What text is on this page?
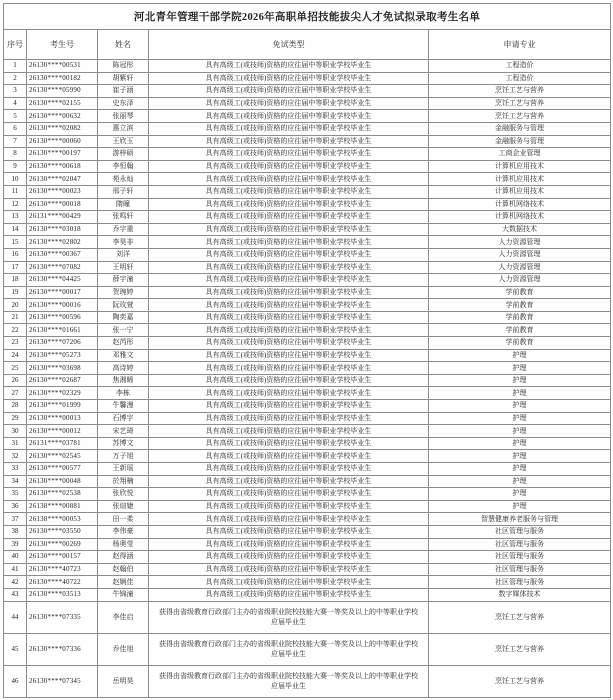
河北青年管理干部学院2026年高职单招技能拔尖人才免试拟录取考生名单				
序号	考生号	姓名	免试类型	申请专业
1	26130****00531	陈冠彤	具有高级工(或技师)资格的应往届中等职业学校毕业生	工程造价
2	26130****00182	胡紫轩	具有高级工(或技师)资格的应往届中等职业学校毕业生	工程造价
3	26130****05990	崔子涵	具有高级工(或技师)资格的应往届中等职业学校毕业生	烹饪工艺与营养
4	26130****02155	史东泽	具有高级工(或技师)资格的应往届中等职业学校毕业生	烹饪工艺与营养
5	26130****00632	张丽琴	具有高级工(或技师)资格的应往届中等职业学校毕业生	烹饪工艺与营养
6	26130****02082	惠立滨	具有高级工(或技师)资格的应往届中等职业学校毕业生	金融服务与管理
7	26130****00060	王欣玉	具有高级工(或技师)资格的应往届中等职业学校毕业生	金融服务与管理
8	26130****00197	游梓硕	具有高级工(或技师)资格的应往届中等职业学校毕业生	工商企业管理
9	26130****00618	李恒翰	具有高级工(或技师)资格的应往届中等职业学校毕业生	计算机应用技术
10	26130****02047	苑永灿	具有高级工(或技师)资格的应往届中等职业学校毕业生	计算机应用技术
11	26130****00023	邢子轩	具有高级工(或技师)资格的应往届中等职业学校毕业生	计算机应用技术
12	26130****00018	隋曈	具有高级工(或技师)资格的应往届中等职业学校毕业生	计算机网络技术
13	26131****00429	张鸣轩	具有高级工(或技师)资格的应往届中等职业学校毕业生	计算机网络技术
14	26130****03018	乔宇重	具有高级工(或技师)资格的应往届中等职业学校毕业生	大数据技术
15	26130****02802	李昊非	具有高级工(或技师)资格的应往届中等职业学校毕业生	人力资源管理
16	26130****00367	刘洋	具有高级工(或技师)资格的应往届中等职业学校毕业生	人力资源管理
17	26130****07082	王明轩	具有高级工(或技师)资格的应往届中等职业学校毕业生	人力资源管理
18	26130****04425	薛宇潼	具有高级工(或技师)资格的应往届中等职业学校毕业生	人力资源管理
19	26130****00017	贺琬婷	具有高级工(或技师)资格的应往届中等职业学校毕业生	学前教育
20	26130****00016	阮玫萱	具有高级工(或技师)资格的应往届中等职业学校毕业生	学前教育
21	26130****00596	陶奕嘉	具有高级工(或技师)资格的应往届中等职业学校毕业生	学前教育
22	26130****01661	张一宁	具有高级工(或技师)资格的应往届中等职业学校毕业生	学前教育
23	26130****07206	赵芮彤	具有高级工(或技师)资格的应往届中等职业学校毕业生	学前教育
24	26130****05273	邓雅文	具有高级工(或技师)资格的应往届中等职业学校毕业生	护理
25	26130****03698	高诗婷	具有高级工(或技师)资格的应往届中等职业学校毕业生	护理
26	26130****02687	焦湘晞	具有高级工(或技师)资格的应往届中等职业学校毕业生	护理
27	26130****02329	李栋	具有高级工(或技师)资格的应往届中等职业学校毕业生	护理
28	26130****01999	牛馨漫	具有高级工(或技师)资格的应往届中等职业学校毕业生	护理
29	26130****00013	石博宇	具有高级工(或技师)资格的应往届中等职业学校毕业生	护理
30	26130****00012	宋艺琦	具有高级工(或技师)资格的应往届中等职业学校毕业生	护理
31	26131****03781	苏博文	具有高级工(或技师)资格的应往届中等职业学校毕业生	护理
32	26130****02545	万子旭	具有高级工(或技师)资格的应往届中等职业学校毕业生	护理
33	26130****00577	王新瑶	具有高级工(或技师)资格的应往届中等职业学校毕业生	护理
34	26130****00048	於翔楠	具有高级工(或技师)资格的应往届中等职业学校毕业生	护理
35	26130****02538	张欣悦	具有高级工(或技师)资格的应往届中等职业学校毕业生	护理
36	26138****00881	张煊婕	具有高级工(或技师)资格的应往届中等职业学校毕业生	护理
37	26138****00053	田一柔	具有高级工(或技师)资格的应往届中等职业学校毕业生	智慧健康养老服务与管理
38	26130****03550	李伟豪	具有高级工(或技师)资格的应往届中等职业学校毕业生	社区管理与服务
39	26130****00269	杨奥莹	具有高级工(或技师)资格的应往届中等职业学校毕业生	社区管理与服务
40	26130****00157	赵得涵	具有高级工(或技师)资格的应往届中等职业学校毕业生	社区管理与服务
41	26130****40723	赵翰伯	具有高级工(或技师)资格的应往届中等职业学校毕业生	社区管理与服务
42	26130****40722	赵娴佳	具有高级工(或技师)资格的应往届中等职业学校毕业生	社区管理与服务
43	26130****03513	牛锦潼	具有高级工(或技师)资格的应往届中等职业学校毕业生	数字媒体技术
44	26130****07335	李佳启	获得由省级教育行政部门主办的省级职业院校技能大赛一等奖及以上的中等职业学校应届毕业生	烹饪工艺与营养
45	26130****07336	乔佳旭	获得由省级教育行政部门主办的省级职业院校技能大赛一等奖及以上的中等职业学校应届毕业生	烹饪工艺与营养
46	26130****07345	岳明昊	获得由省级教育行政部门主办的省级职业院校技能大赛一等奖及以上的中等职业学校应届毕业生	烹饪工艺与营养
